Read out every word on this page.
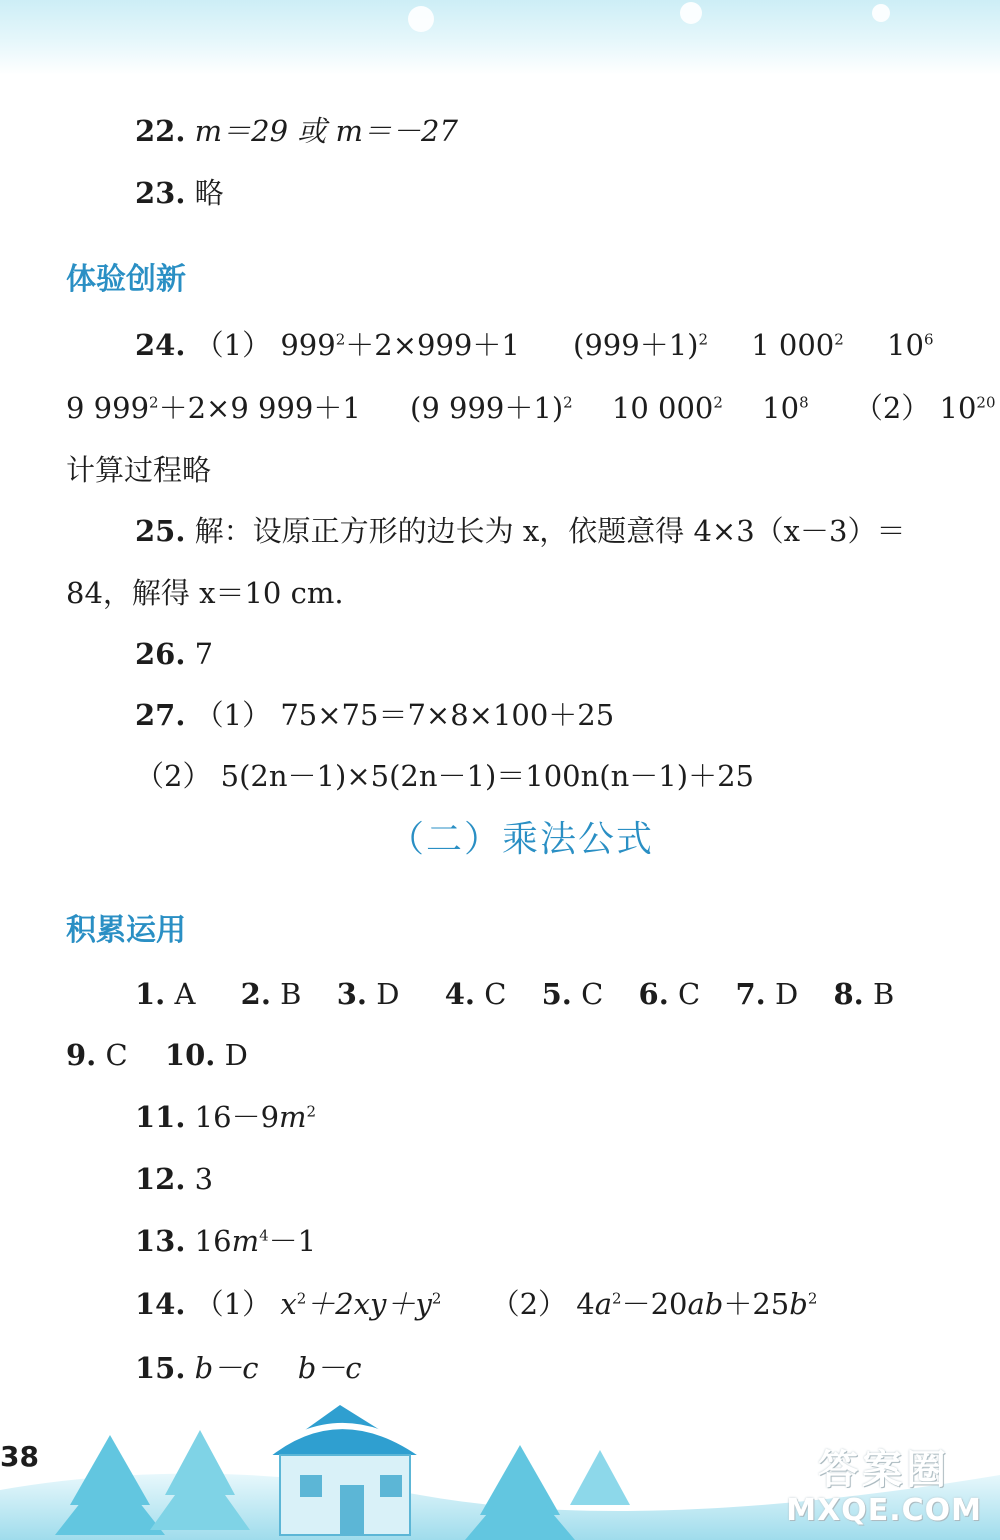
22. m＝29 或 m＝－27
23. 略
体验创新
24. （1） $999^2+2\times 999+1$ $(999+1)^2$ 1 $000^2$ $10^6$
9 $999^2+2\times 9$ 999＋1 (9 999＋1)$^2$ 10 $000^2$ $10^8$ （2） $10^{20}$
计算过程略
25. 解：设原正方形的边长为 x，依题意得 4×3（x－3）＝
84，解得 x＝10 cm.
26. 7
27. （1） 75×75＝7×8×100＋25
（2） 5(2n－1)×5(2n－1)＝100n(n－1)＋25
（二）乘法公式
积累运用
1. A 2. B 3. D 4. C 5. C 6. C 7. D 8. B
9. C 10. D
11. $16-9m^2$
12. 3
13. $16m^4-1$
14. （1） $x^2+2xy+y^2$ （2） $4a^2-20ab+25b^2$
15. b－c b－c
38	答案圈
MXQE.COM
